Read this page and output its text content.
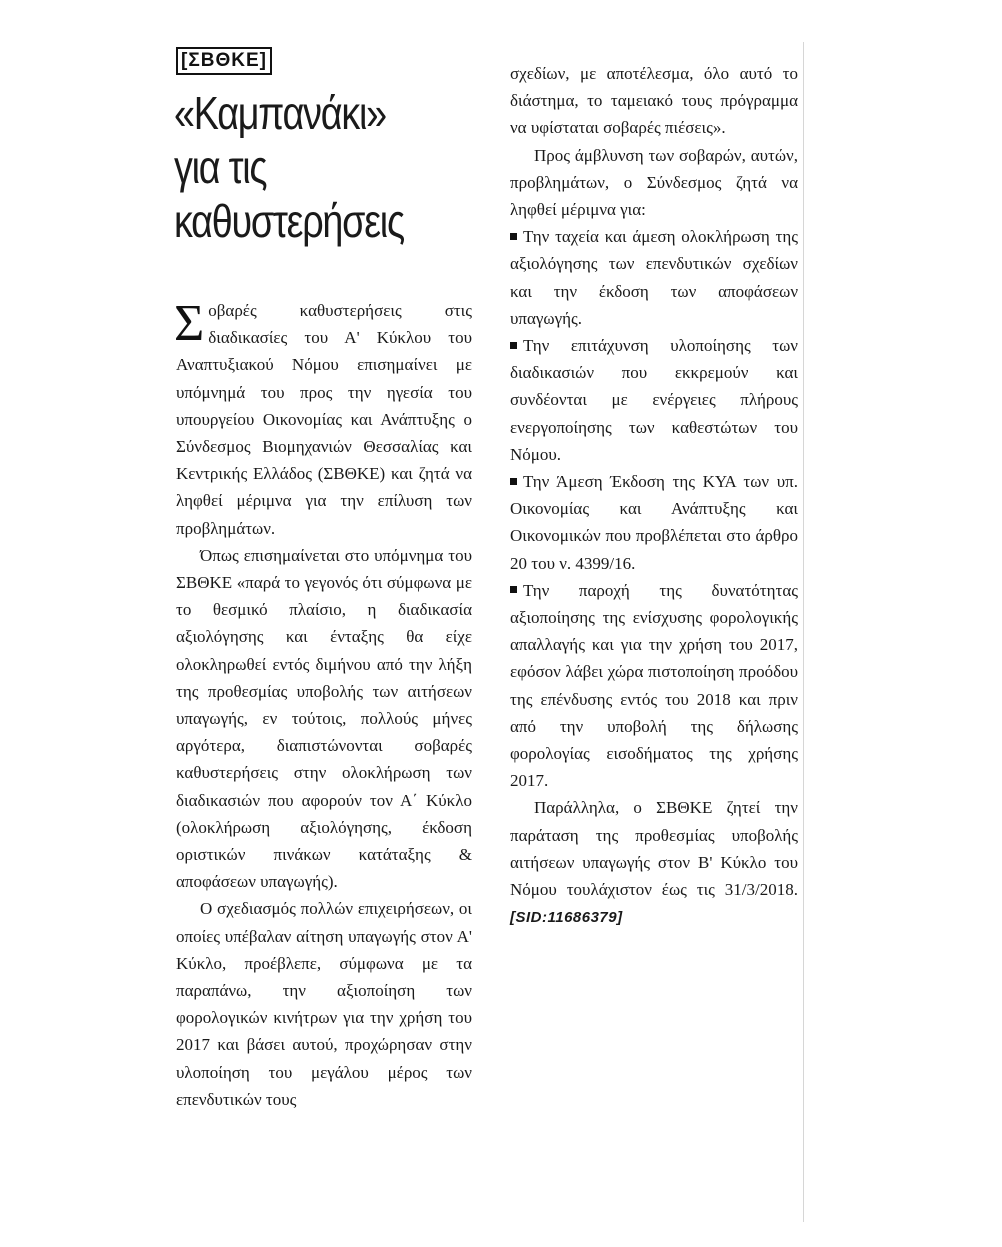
[ΣΒΘΚΕ]
«Καμπανάκι»
για τις
καθυστερήσεις

Σοβαρές καθυστερήσεις στις διαδικασίες του Α' Κύκλου του Αναπτυξιακού Νόμου επισημαίνει με υπόμνημά του προς την ηγεσία του υπουργείου Οικονομίας και Ανάπτυξης ο Σύνδεσμος Βιομηχανιών Θεσσαλίας και Κεντρικής Ελλάδος (ΣΒΘΚΕ) και ζητά να ληφθεί μέριμνα για την επίλυση των προβλημάτων.

Όπως επισημαίνεται στο υπόμνημα του ΣΒΘΚΕ «παρά το γεγονός ότι σύμφωνα με το θεσμικό πλαίσιο, η διαδικασία αξιολόγησης και ένταξης θα είχε ολοκληρωθεί εντός διμήνου από την λήξη της προθεσμίας υποβολής των αιτήσεων υπαγωγής, εν τούτοις, πολλούς μήνες αργότερα, διαπιστώνονται σοβαρές καθυστερήσεις στην ολοκλήρωση των διαδικασιών που αφορούν τον Α΄ Κύκλο (ολοκλήρωση αξιολόγησης, έκδοση οριστικών πινάκων κατάταξης & αποφάσεων υπαγωγής).

Ο σχεδιασμός πολλών επιχειρήσεων, οι οποίες υπέβαλαν αίτηση υπαγωγής στον Α' Κύκλο, προέβλεπε, σύμφωνα με τα παραπάνω, την αξιοποίηση των φορολογικών κινήτρων για την χρήση του 2017 και βάσει αυτού, προχώρησαν στην υλοποίηση του μεγάλου μέρος των επενδυτικών τους

σχεδίων, με αποτέλεσμα, όλο αυτό το διάστημα, το ταμειακό τους πρόγραμμα να υφίσταται σοβαρές πιέσεις».

Προς άμβλυνση των σοβαρών, αυτών, προβλημάτων, ο Σύνδεσμος ζητά να ληφθεί μέριμνα για:

Την ταχεία και άμεση ολοκλήρωση της αξιολόγησης των επενδυτικών σχεδίων και την έκδοση των αποφάσεων υπαγωγής.

Την επιτάχυνση υλοποίησης των διαδικασιών που εκκρεμούν και συνδέονται με ενέργειες πλήρους ενεργοποίησης των καθεστώτων του Νόμου.

Την Άμεση Έκδοση της ΚΥΑ των υπ. Οικονομίας και Ανάπτυξης και Οικονομικών που προβλέπεται στο άρθρο 20 του ν. 4399/16.

Την παροχή της δυνατότητας αξιοποίησης της ενίσχυσης φορολογικής απαλλαγής και για την χρήση του 2017, εφόσον λάβει χώρα πιστοποίηση προόδου της επένδυσης εντός του 2018 και πριν από την υποβολή της δήλωσης φορολογίας εισοδήματος της χρήσης 2017.

Παράλληλα, ο ΣΒΘΚΕ ζητεί την παράταση της προθεσμίας υποβολής αιτήσεων υπαγωγής στον Β' Κύκλο του Νόμου τουλάχιστον έως τις 31/3/2018. [SID:11686379]
